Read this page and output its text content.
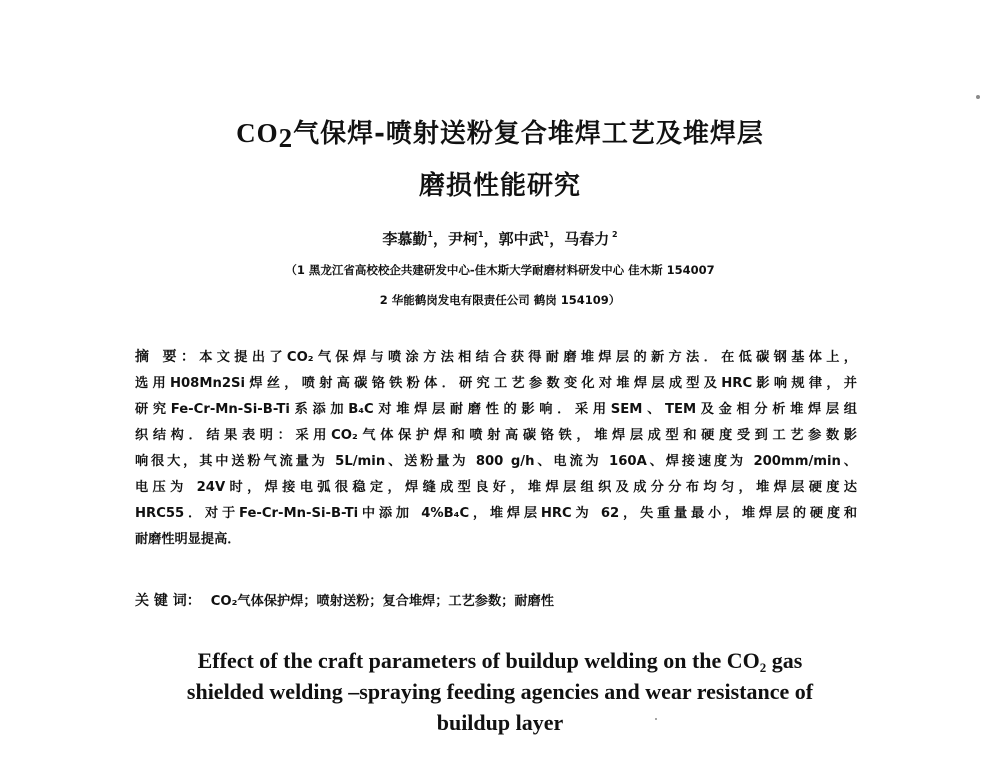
$CO_2$气保焊-喷射送粉复合堆焊工艺及堆焊层
磨损性能研究
李慕勤$^1$，尹柯$^1$，郭中武$^1$，马春力 $^2$
（1 黑龙江省高校校企共建研发中心-佳木斯大学耐磨材料研发中心 佳木斯 154007
2 华能鹤岗发电有限责任公司 鹤岗 154109）
摘 要：本文提出了CO₂气保焊与喷涂方法相结合获得耐磨堆焊层的新方法．在低碳钢基体上，
选用H08Mn2Si焊丝，喷射高碳铬铁粉体．研究工艺参数变化对堆焊层成型及HRC影响规律，并
研究Fe-Cr-Mn-Si-B-Ti系添加B₄C对堆焊层耐磨性的影响．采用SEM、TEM及金相分析堆焊层组
织结构．结果表明：采用CO₂气体保护焊和喷射高碳铬铁，堆焊层成型和硬度受到工艺参数影
响很大，其中送粉气流量为 5L/min、送粉量为 800 g/h、电流为 160A、焊接速度为 200mm/min、
电压为 24V时，焊接电弧很稳定，焊缝成型良好，堆焊层组织及成分分布均匀，堆焊层硬度达
HRC55．对于Fe-Cr-Mn-Si-B-Ti中添加 4%B₄C，堆焊层HRC为 62，失重量最小，堆焊层的硬度和
耐磨性明显提高．
关 键 词： CO₂气体保护焊；喷射送粉；复合堆焊；工艺参数；耐磨性
Effect of the craft parameters of buildup welding on the $CO_2$ gas
shielded welding –spraying feeding agencies and wear resistance of
buildup layer
